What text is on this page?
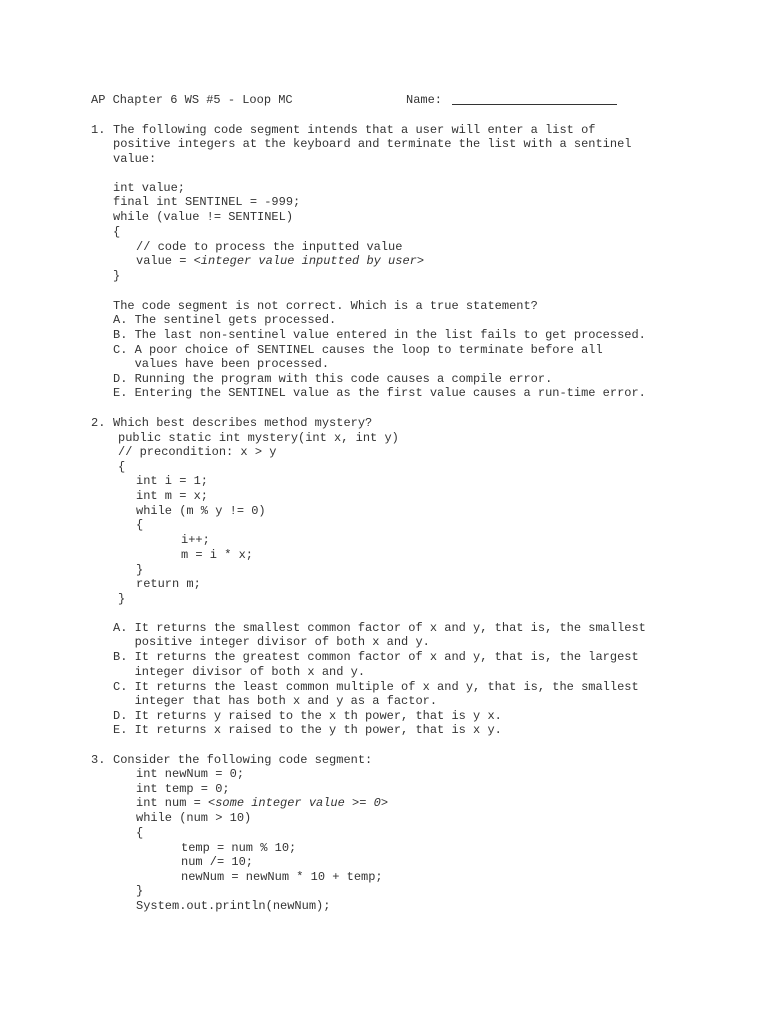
AP Chapter 6 WS #5 - Loop MC	Name:
1. The following code segment intends that a user will enter a list of
positive integers at the keyboard and terminate the list with a sentinel
value:
int value;
final int SENTINEL = -999;
while (value != SENTINEL)
{
// code to process the inputted value
value = <integer value inputted by user>
}
The code segment is not correct. Which is a true statement?
A. The sentinel gets processed.
B. The last non-sentinel value entered in the list fails to get processed.
C. A poor choice of SENTINEL causes the loop to terminate before all
values have been processed.
D. Running the program with this code causes a compile error.
E. Entering the SENTINEL value as the first value causes a run-time error.
2. Which best describes method mystery?
public static int mystery(int x, int y)
// precondition: x > y
{
int i = 1;
int m = x;
while (m % y != 0)
{
i++;
m = i * x;
}
return m;
}
A. It returns the smallest common factor of x and y, that is, the smallest
positive integer divisor of both x and y.
B. It returns the greatest common factor of x and y, that is, the largest
integer divisor of both x and y.
C. It returns the least common multiple of x and y, that is, the smallest
integer that has both x and y as a factor.
D. It returns y raised to the x th power, that is y x.
E. It returns x raised to the y th power, that is x y.
3. Consider the following code segment:
int newNum = 0;
int temp = 0;
int num = <some integer value >= 0>
while (num > 10)
{
temp = num % 10;
num /= 10;
newNum = newNum * 10 + temp;
}
System.out.println(newNum);
